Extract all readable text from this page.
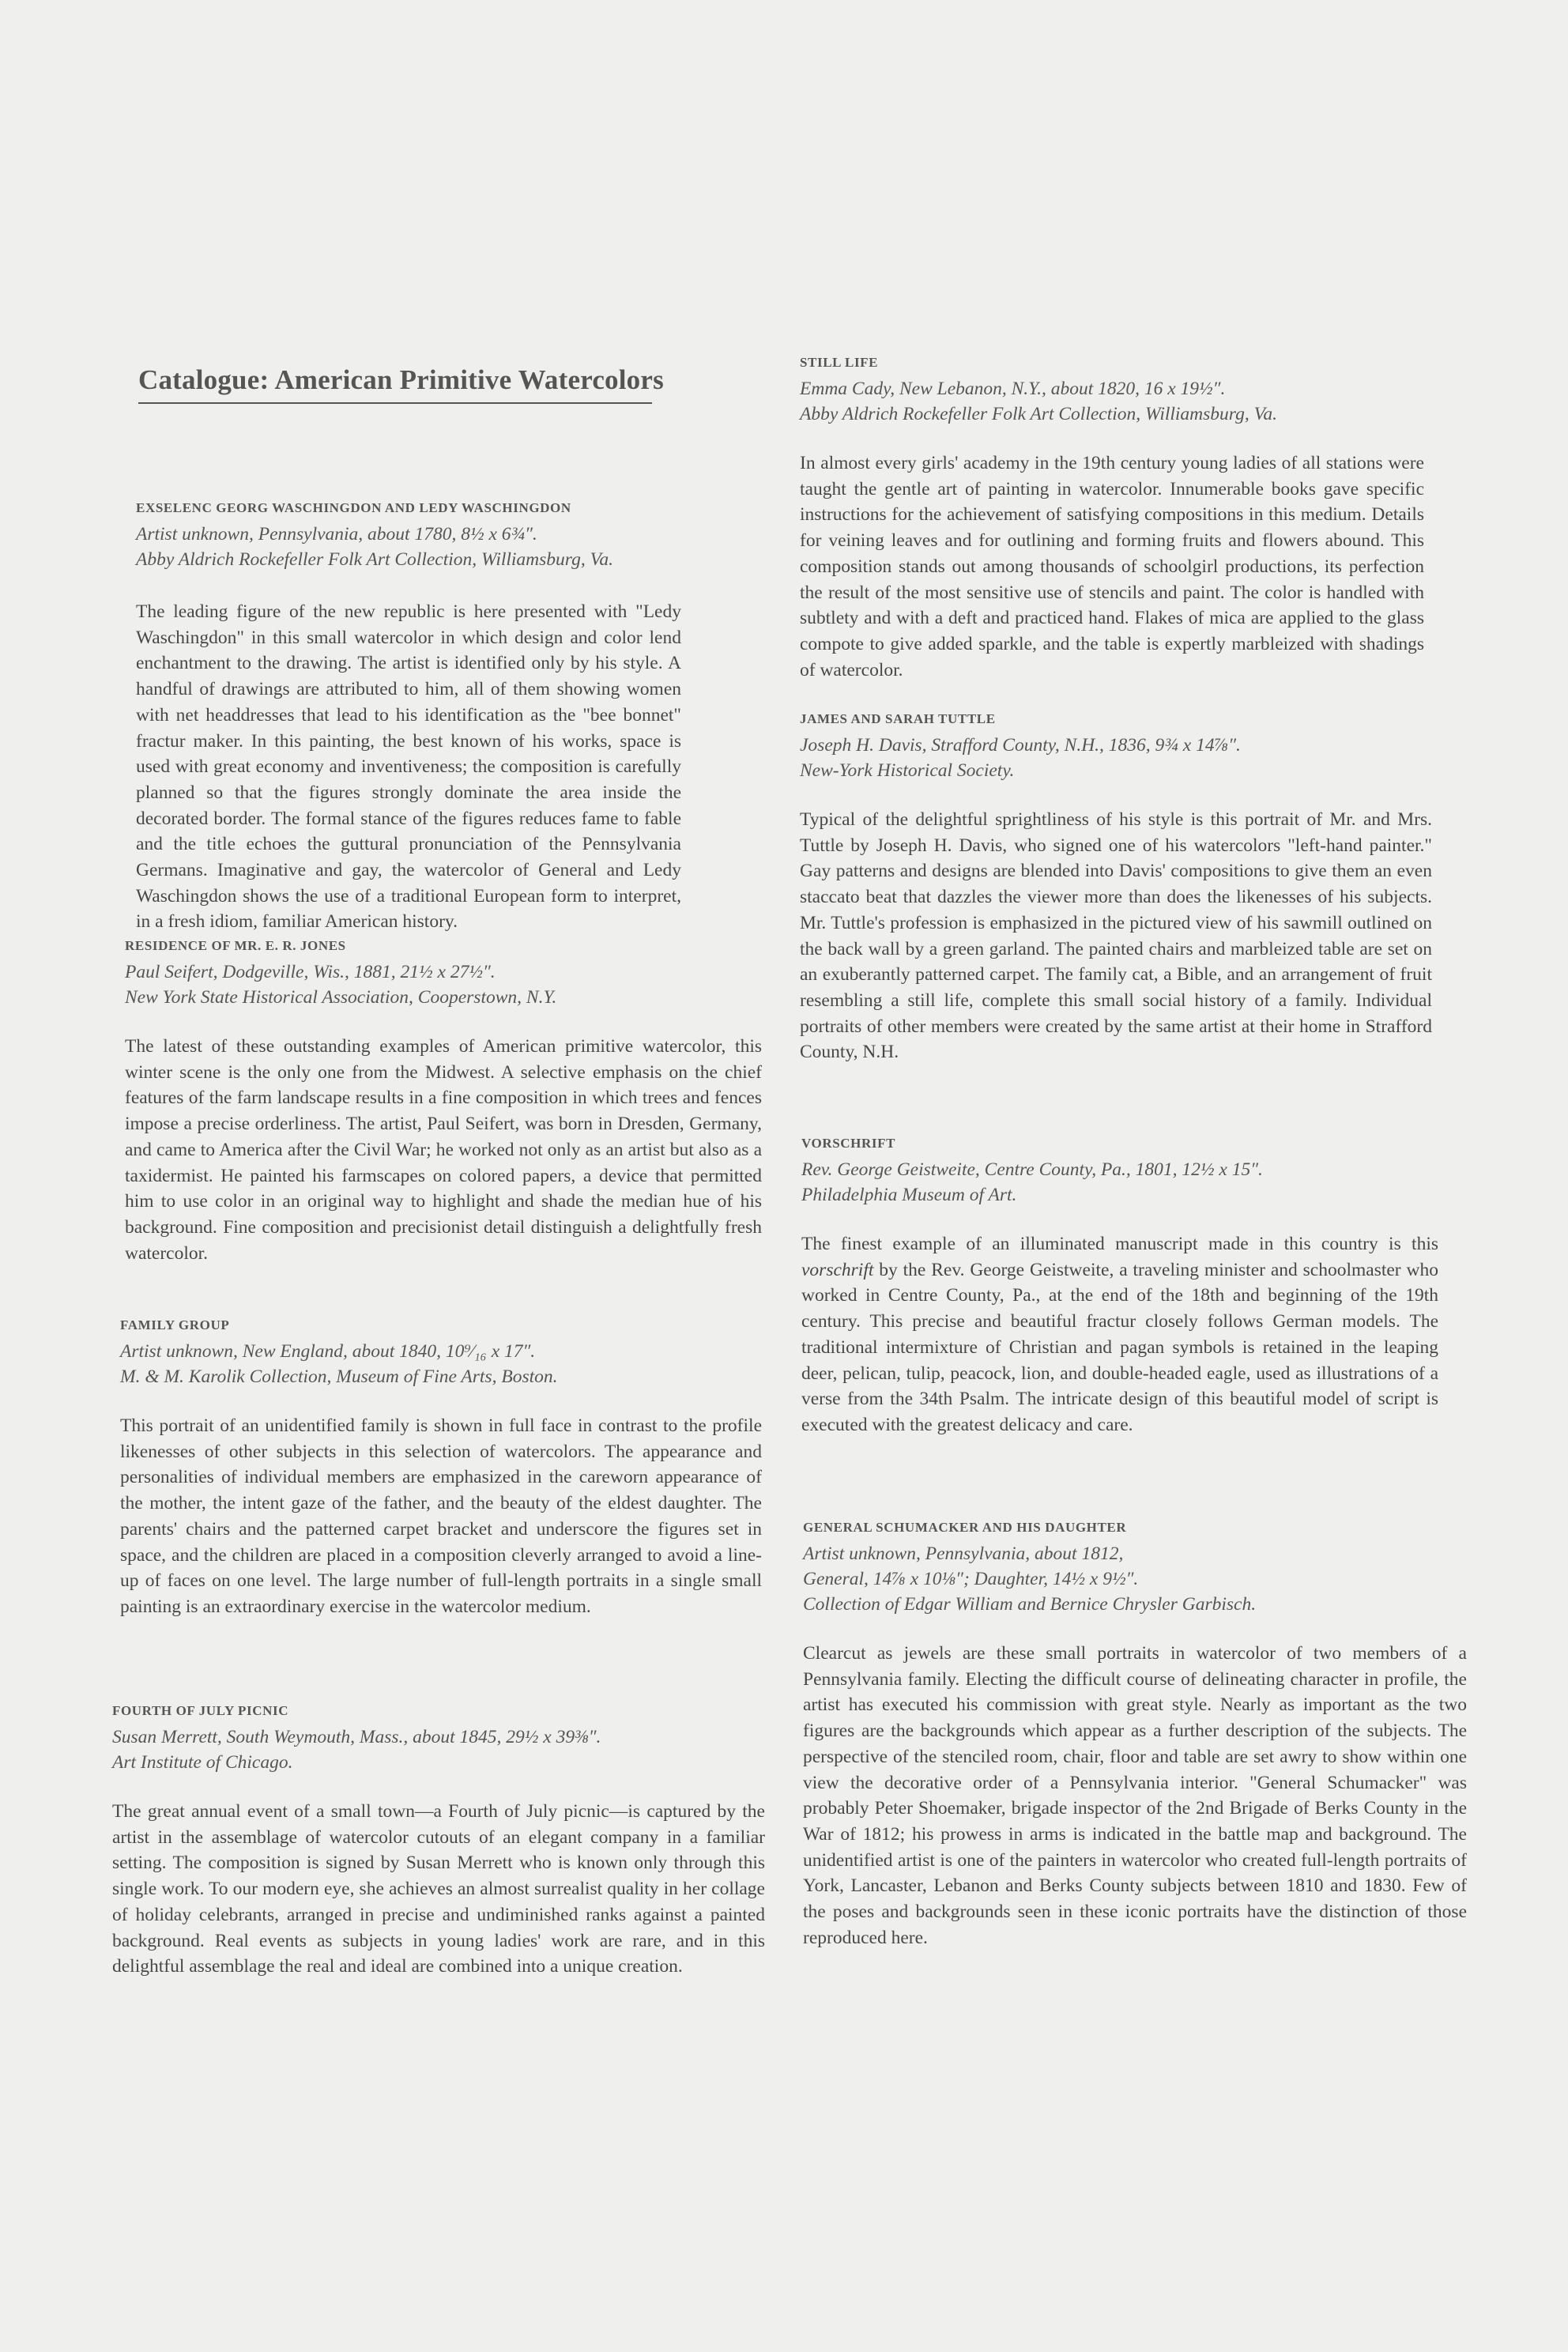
Catalogue: American Primitive Watercolors
EXSELENC GEORG WASCHINGDON AND LEDY WASCHINGDON

Artist unknown, Pennsylvania, about 1780, 8½ x 6¾″.

Abby Aldrich Rockefeller Folk Art Collection, Williamsburg, Va.

The leading figure of the new republic is here presented with "Ledy Waschingdon" in this small watercolor in which design and color lend enchantment to the drawing. The artist is identified only by his style. A handful of drawings are attributed to him, all of them showing women with net headdresses that lead to his identification as the "bee bonnet" fractur maker. In this painting, the best known of his works, space is used with great economy and inventiveness; the composition is carefully planned so that the figures strongly dominate the area inside the decorated border. The formal stance of the figures reduces fame to fable and the title echoes the guttural pronunciation of the Pennsylvania Germans. Imaginative and gay, the watercolor of General and Ledy Waschingdon shows the use of a traditional European form to interpret, in a fresh idiom, familiar American history.

RESIDENCE OF MR. E. R. JONES

Paul Seifert, Dodgeville, Wis., 1881, 21½ x 27½″.

New York State Historical Association, Cooperstown, N.Y.

The latest of these outstanding examples of American primitive watercolor, this winter scene is the only one from the Midwest. A selective emphasis on the chief features of the farm landscape results in a fine composition in which trees and fences impose a precise orderliness. The artist, Paul Seifert, was born in Dresden, Germany, and came to America after the Civil War; he worked not only as an artist but also as a taxidermist. He painted his farmscapes on colored papers, a device that permitted him to use color in an original way to highlight and shade the median hue of his background. Fine composition and precisionist detail distinguish a delightfully fresh watercolor.

FAMILY GROUP

Artist unknown, New England, about 1840, 10⁹⁄₁₆ x 17″.

M. & M. Karolik Collection, Museum of Fine Arts, Boston.

This portrait of an unidentified family is shown in full face in contrast to the profile likenesses of other subjects in this selection of watercolors. The appearance and personalities of individual members are emphasized in the careworn appearance of the mother, the intent gaze of the father, and the beauty of the eldest daughter. The parents' chairs and the patterned carpet bracket and underscore the figures set in space, and the children are placed in a composition cleverly arranged to avoid a line-up of faces on one level. The large number of full-length portraits in a single small painting is an extraordinary exercise in the watercolor medium.

FOURTH OF JULY PICNIC

Susan Merrett, South Weymouth, Mass., about 1845, 29½ x 39⅜″.

Art Institute of Chicago.

The great annual event of a small town—a Fourth of July picnic—is captured by the artist in the assemblage of watercolor cutouts of an elegant company in a familiar setting. The composition is signed by Susan Merrett who is known only through this single work. To our modern eye, she achieves an almost surrealist quality in her collage of holiday celebrants, arranged in precise and undiminished ranks against a painted background. Real events as subjects in young ladies' work are rare, and in this delightful assemblage the real and ideal are combined into a unique creation.

STILL LIFE

Emma Cady, New Lebanon, N.Y., about 1820, 16 x 19½″.

Abby Aldrich Rockefeller Folk Art Collection, Williamsburg, Va.

In almost every girls' academy in the 19th century young ladies of all stations were taught the gentle art of painting in watercolor. Innumerable books gave specific instructions for the achievement of satisfying compositions in this medium. Details for veining leaves and for outlining and forming fruits and flowers abound. This composition stands out among thousands of schoolgirl productions, its perfection the result of the most sensitive use of stencils and paint. The color is handled with subtlety and with a deft and practiced hand. Flakes of mica are applied to the glass compote to give added sparkle, and the table is expertly marbleized with shadings of watercolor.

JAMES AND SARAH TUTTLE

Joseph H. Davis, Strafford County, N.H., 1836, 9¾ x 14⅞″.

New-York Historical Society.

Typical of the delightful sprightliness of his style is this portrait of Mr. and Mrs. Tuttle by Joseph H. Davis, who signed one of his watercolors "left-hand painter." Gay patterns and designs are blended into Davis' compositions to give them an even staccato beat that dazzles the viewer more than does the likenesses of his subjects. Mr. Tuttle's profession is emphasized in the pictured view of his sawmill outlined on the back wall by a green garland. The painted chairs and marbleized table are set on an exuberantly patterned carpet. The family cat, a Bible, and an arrangement of fruit resembling a still life, complete this small social history of a family. Individual portraits of other members were created by the same artist at their home in Strafford County, N.H.

VORSCHRIFT

Rev. George Geistweite, Centre County, Pa., 1801, 12½ x 15″.

Philadelphia Museum of Art.

The finest example of an illuminated manuscript made in this country is this vorschrift by the Rev. George Geistweite, a traveling minister and schoolmaster who worked in Centre County, Pa., at the end of the 18th and beginning of the 19th century. This precise and beautiful fractur closely follows German models. The traditional intermixture of Christian and pagan symbols is retained in the leaping deer, pelican, tulip, peacock, lion, and double-headed eagle, used as illustrations of a verse from the 34th Psalm. The intricate design of this beautiful model of script is executed with the greatest delicacy and care.

GENERAL SCHUMACKER AND HIS DAUGHTER

Artist unknown, Pennsylvania, about 1812,

General, 14⅞ x 10⅛″; Daughter, 14½ x 9½″.

Collection of Edgar William and Bernice Chrysler Garbisch.

Clearcut as jewels are these small portraits in watercolor of two members of a Pennsylvania family. Electing the difficult course of delineating character in profile, the artist has executed his commission with great style. Nearly as important as the two figures are the backgrounds which appear as a further description of the subjects. The perspective of the stenciled room, chair, floor and table are set awry to show within one view the decorative order of a Pennsylvania interior. "General Schumacker" was probably Peter Shoemaker, brigade inspector of the 2nd Brigade of Berks County in the War of 1812; his prowess in arms is indicated in the battle map and background. The unidentified artist is one of the painters in watercolor who created full-length portraits of York, Lancaster, Lebanon and Berks County subjects between 1810 and 1830. Few of the poses and backgrounds seen in these iconic portraits have the distinction of those reproduced here.
